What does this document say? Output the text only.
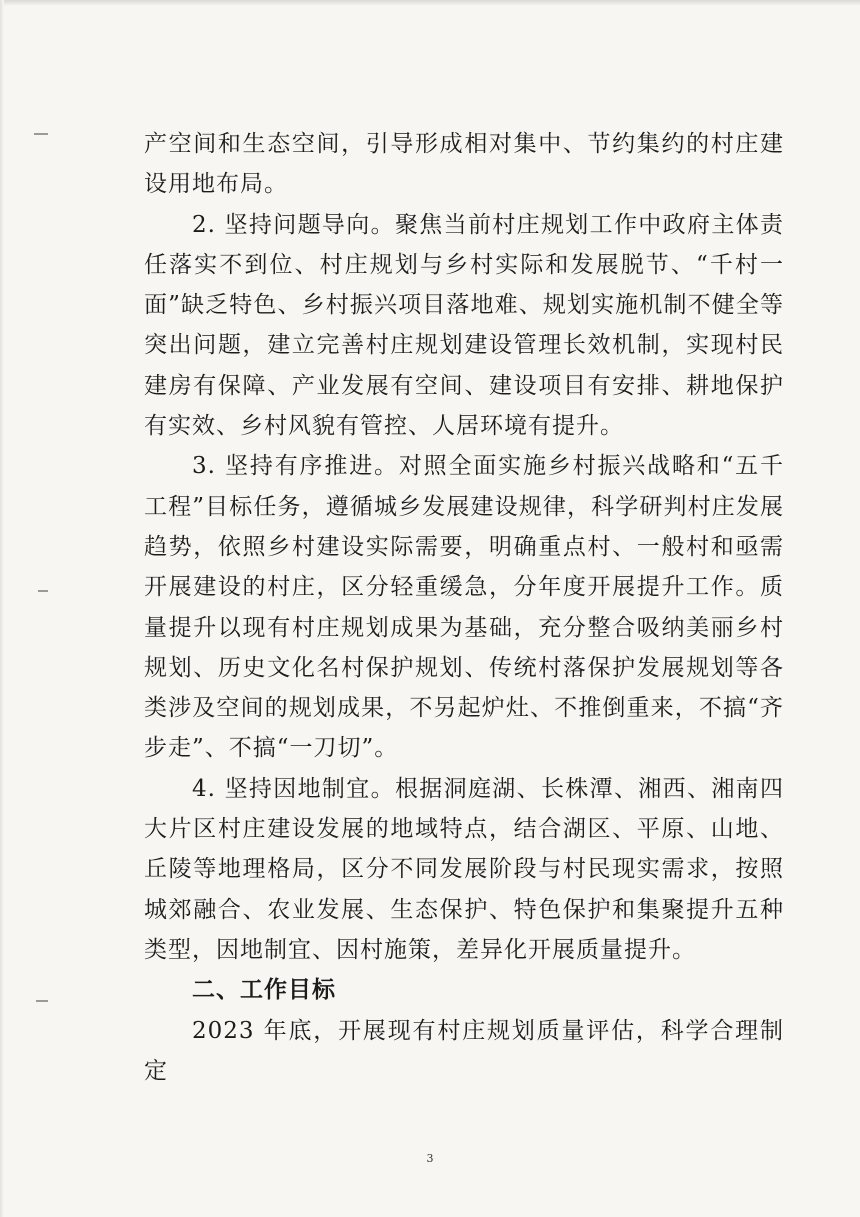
产空间和生态空间，引导形成相对集中、节约集约的村庄建设用地布局。

2. 坚持问题导向。聚焦当前村庄规划工作中政府主体责任落实不到位、村庄规划与乡村实际和发展脱节、“千村一面”缺乏特色、乡村振兴项目落地难、规划实施机制不健全等突出问题，建立完善村庄规划建设管理长效机制，实现村民建房有保障、产业发展有空间、建设项目有安排、耕地保护有实效、乡村风貌有管控、人居环境有提升。

3. 坚持有序推进。对照全面实施乡村振兴战略和“五千工程”目标任务，遵循城乡发展建设规律，科学研判村庄发展趋势，依照乡村建设实际需要，明确重点村、一般村和亟需开展建设的村庄，区分轻重缓急，分年度开展提升工作。质量提升以现有村庄规划成果为基础，充分整合吸纳美丽乡村规划、历史文化名村保护规划、传统村落保护发展规划等各类涉及空间的规划成果，不另起炉灶、不推倒重来，不搞“齐步走”、不搞“一刀切”。

4. 坚持因地制宜。根据洞庭湖、长株潭、湘西、湘南四大片区村庄建设发展的地域特点，结合湖区、平原、山地、丘陵等地理格局，区分不同发展阶段与村民现实需求，按照城郊融合、农业发展、生态保护、特色保护和集聚提升五种类型，因地制宜、因村施策，差异化开展质量提升。

二、工作目标

2023 年底，开展现有村庄规划质量评估，科学合理制定

3
